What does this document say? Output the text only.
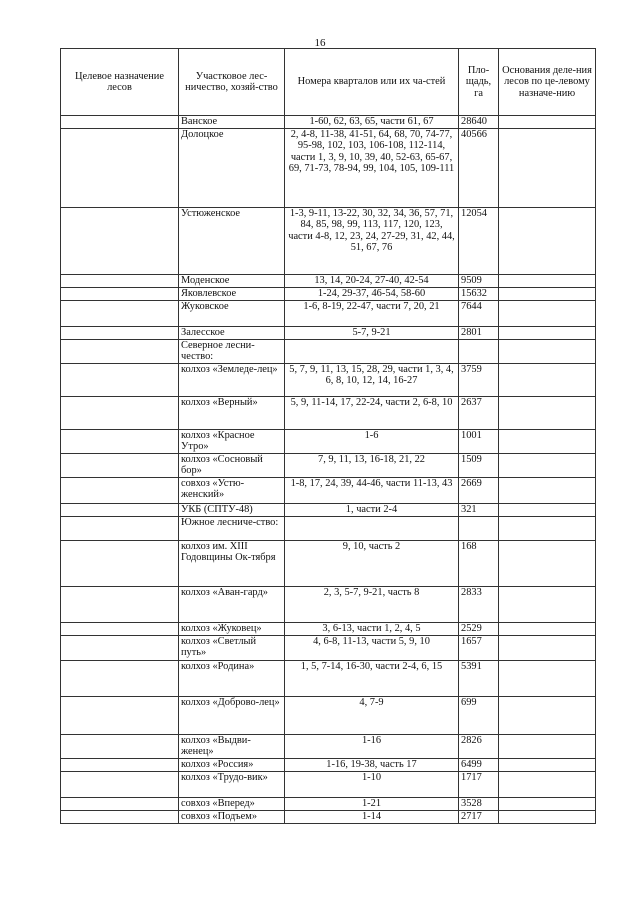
16
Целевое назначение лесов	Участковое лес-ничество, хозяй-ство	Номера кварталов или их ча-стей	Пло-щадь, га	Основания деле-ния лесов по це-левому назначе-нию
	Ванское	1-60, 62, 63, 65, части 61, 67	28640	
	Долоцкое	2, 4-8, 11-38, 41-51, 64, 68, 70, 74-77, 95-98, 102, 103, 106-108, 112-114, части 1, 3, 9, 10, 39, 40, 52-63, 65-67, 69, 71-73, 78-94, 99, 104, 105, 109-111	40566	
	Устюженское	1-3, 9-11, 13-22, 30, 32, 34, 36, 57, 71, 84, 85, 98, 99, 113, 117, 120, 123, части 4-8, 12, 23, 24, 27-29, 31, 42, 44, 51, 67, 76	12054	
	Моденское	13, 14, 20-24, 27-40, 42-54	9509	
	Яковлевское	1-24, 29-37, 46-54, 58-60	15632	
	Жуковское	1-6, 8-19, 22-47, части 7, 20, 21	7644	
	Залесское	5-7, 9-21	2801	
	Северное лесни-чество:			
	колхоз «Земледе-лец»	5, 7, 9, 11, 13, 15, 28, 29, части 1, 3, 4, 6, 8, 10, 12, 14, 16-27	3759	
	колхоз «Верный»	5, 9, 11-14, 17, 22-24, части 2, 6-8, 10	2637	
	колхоз «Красное Утро»	1-6	1001	
	колхоз «Сосновый бор»	7, 9, 11, 13, 16-18, 21, 22	1509	
	совхоз «Устю-женский»	1-8, 17, 24, 39, 44-46, части 11-13, 43	2669	
	УКБ (СПТУ-48)	1, части 2-4	321	
	Южное лесниче-ство:			
	колхоз им. XIII Годовщины Ок-тября	9, 10, часть 2	168	
	колхоз «Аван-гард»	2, 3, 5-7, 9-21, часть 8	2833	
	колхоз «Жуковец»	3, 6-13, части 1, 2, 4, 5	2529	
	колхоз «Светлый путь»	4, 6-8, 11-13, части 5, 9, 10	1657	
	колхоз «Родина»	1, 5, 7-14, 16-30, части 2-4, 6, 15	5391	
	колхоз «Доброво-лец»	4, 7-9	699	
	колхоз «Выдви-женец»	1-16	2826	
	колхоз «Россия»	1-16, 19-38, часть 17	6499	
	колхоз «Трудо-вик»	1-10	1717	
	совхоз «Вперед»	1-21	3528	
	совхоз «Подъем»	1-14	2717	
